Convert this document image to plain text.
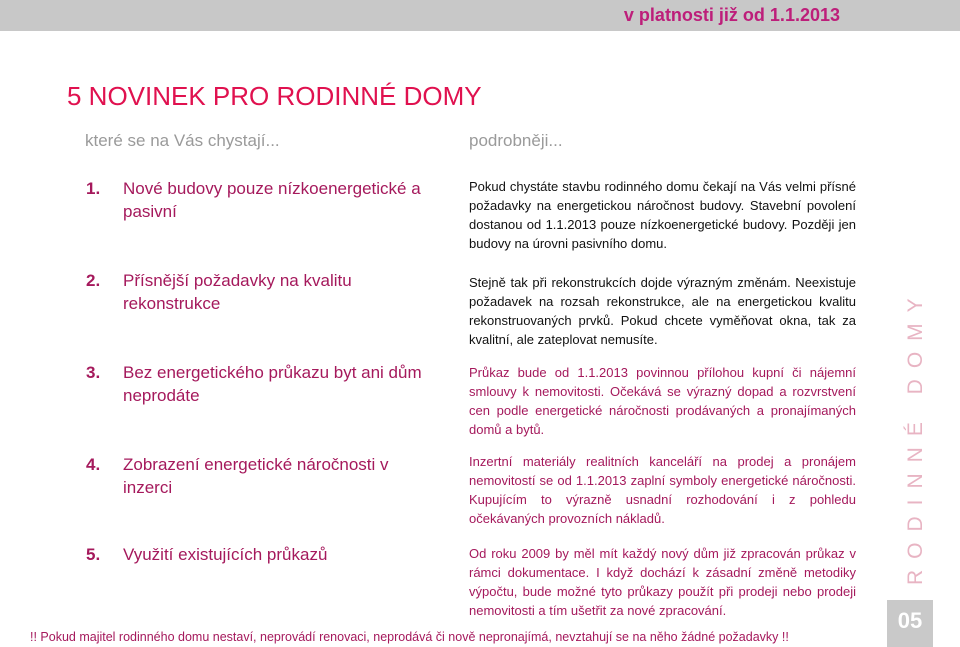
v platnosti již od 1.1.2013
5 NOVINEK PRO RODINNÉ DOMY
které se na Vás chystají...	podrobněji...
1. Nové budovy pouze nízkoenergetické a pasivní
Pokud chystáte stavbu rodinného domu čekají na Vás velmi přísné požadavky na energetickou náročnost budovy. Stavební povolení dostanou od 1.1.2013 pouze nízkoenergetické budovy. Později jen budovy na úrovni pasivního domu.
2. Přísnější požadavky na kvalitu rekonstrukce
Stejně tak při rekonstrukcích dojde výrazným změnám. Neexistuje požadavek na rozsah rekonstrukce, ale na energetickou kvalitu rekonstruovaných prvků. Pokud chcete vyměňovat okna, tak za kvalitní, ale zateplovat nemusíte.
3. Bez energetického průkazu byt ani dům neprodáte
Průkaz bude od 1.1.2013 povinnou přílohou kupní či nájemní smlouvy k nemovitosti. Očekává se výrazný dopad a rozvrstvení cen podle energetické náročnosti prodávaných a pronajímaných domů a bytů.
4. Zobrazení energetické náročnosti v inzerci
Inzertní materiály realitních kanceláří na prodej a pronájem nemovitostí se od 1.1.2013 zaplní symboly energetické náročnosti. Kupujícím to výrazně usnadní rozhodování i z pohledu očekávaných provozních nákladů.
5. Využití existujících průkazů	Od roku 2009 by měl mít každý nový dům již zpracován průkaz v rámci dokumentace. I když dochází k zásadní změně metodiky výpočtu, bude možné tyto průkazy použít při prodeji nebo prodeji nemovitosti a tím ušetřit za nové zpracování.
!! Pokud majitel rodinného domu nestaví, neprovádí renovaci, neprodává či nově nepronajímá, nevztahují se na něho žádné požadavky !!
RODINNÉ DOMY
05
